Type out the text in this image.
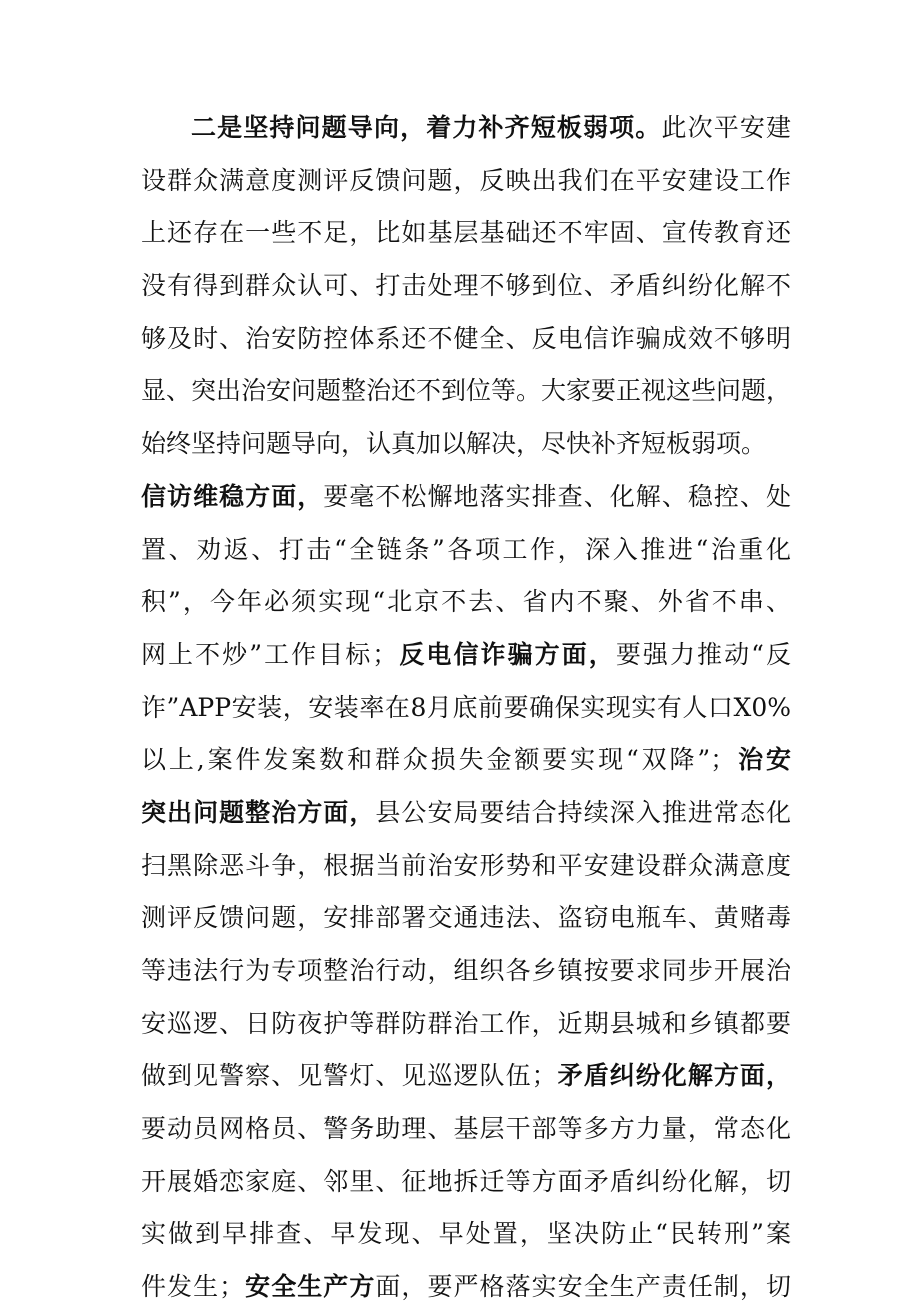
二是坚持问题导向，着力补齐短板弱项。此次平安建
设群众满意度测评反馈问题，反映出我们在平安建设工作
上还存在一些不足，比如基层基础还不牢固、宣传教育还
没有得到群众认可、打击处理不够到位、矛盾纠纷化解不
够及时、治安防控体系还不健全、反电信诈骗成效不够明
显、突出治安问题整治还不到位等。大家要正视这些问题，
始终坚持问题导向，认真加以解决，尽快补齐短板弱项。
信访维稳方面，要毫不松懈地落实排查、化解、稳控、处
置、劝返、打击“全链条”各项工作，深入推进“治重化
积”，今年必须实现“北京不去、省内不聚、外省不串、
网上不炒”工作目标；反电信诈骗方面，要强力推动“反
诈”APP安装，安装率在8月底前要确保实现实有人口X0%
以上,案件发案数和群众损失金额要实现“双降”；治安
突出问题整治方面，县公安局要结合持续深入推进常态化
扫黑除恶斗争，根据当前治安形势和平安建设群众满意度
测评反馈问题，安排部署交通违法、盗窃电瓶车、黄赌毒
等违法行为专项整治行动，组织各乡镇按要求同步开展治
安巡逻、日防夜护等群防群治工作，近期县城和乡镇都要
做到见警察、见警灯、见巡逻队伍；矛盾纠纷化解方面，
要动员网格员、警务助理、基层干部等多方力量，常态化
开展婚恋家庭、邻里、征地拆迁等方面矛盾纠纷化解，切
实做到早排查、早发现、早处置，坚决防止“民转刑”案
件发生；安全生产方面，要严格落实安全生产责任制，切
